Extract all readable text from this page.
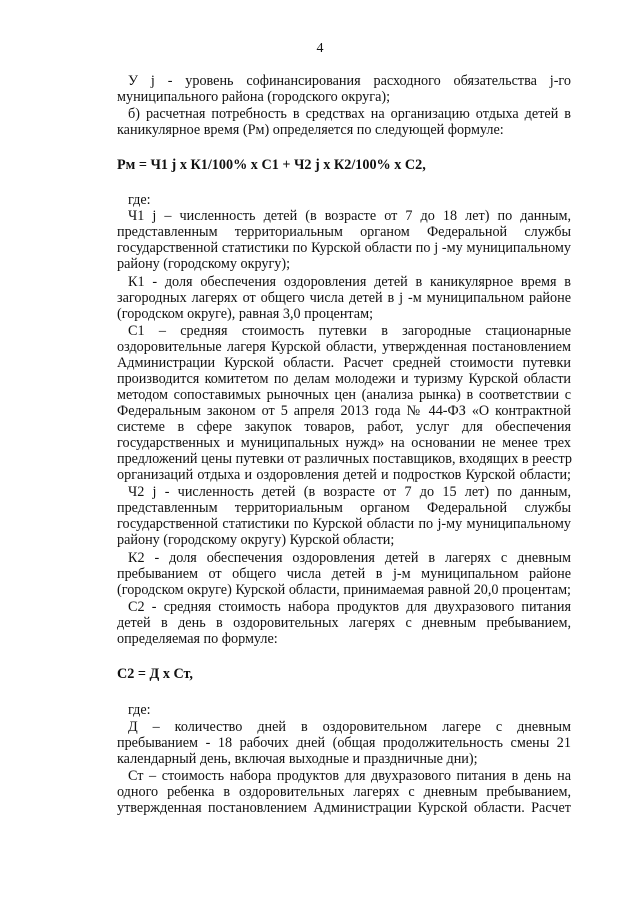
4
У j - уровень софинансирования расходного обязательства j-го
муниципального района (городского округа);
б) расчетная потребность в средствах на организацию отдыха детей в
каникулярное время (Рм) определяется по следующей формуле:
Рм = Ч1 j х К1/100% х С1 + Ч2 j х К2/100% х С2,
где:
Ч1 j – численность детей (в возрасте от 7 до 18 лет) по данным,
представленным территориальным органом Федеральной службы
государственной статистики по Курской области по j -му муниципальному
району (городскому округу);
К1 - доля обеспечения оздоровления детей в каникулярное время в
загородных лагерях от общего числа детей в j -м муниципальном районе
(городском округе), равная 3,0 процентам;
С1 – средняя стоимость путевки в загородные стационарные
оздоровительные лагеря Курской области, утвержденная постановлением
Администрации Курской области. Расчет средней стоимости путевки
производится комитетом по делам молодежи и туризму Курской области
методом сопоставимых рыночных цен (анализа рынка) в соответствии с
Федеральным законом от 5 апреля 2013 года № 44-ФЗ «О контрактной
системе в сфере закупок товаров, работ, услуг для обеспечения
государственных и муниципальных нужд» на основании не менее трех
предложений цены путевки от различных поставщиков, входящих в реестр
организаций отдыха и оздоровления детей и подростков Курской области;
Ч2 j - численность детей (в возрасте от 7 до 15 лет) по данным,
представленным территориальным органом Федеральной службы
государственной статистики по Курской области по j-му муниципальному
району (городскому округу) Курской области;
К2 - доля обеспечения оздоровления детей в лагерях с дневным
пребыванием от общего числа детей в j-м муниципальном районе
(городском округе) Курской области, принимаемая равной 20,0 процентам;
С2 - средняя стоимость набора продуктов для двухразового питания
детей в день в оздоровительных лагерях с дневным пребыванием,
определяемая по формуле:
С2 = Д х Ст,
где:
Д – количество дней в оздоровительном лагере с дневным
пребыванием - 18 рабочих дней (общая продолжительность смены 21
календарный день, включая выходные и праздничные дни);
Ст – стоимость набора продуктов для двухразового питания в день на
одного ребенка в оздоровительных лагерях с дневным пребыванием,
утвержденная постановлением Администрации Курской области. Расчет
